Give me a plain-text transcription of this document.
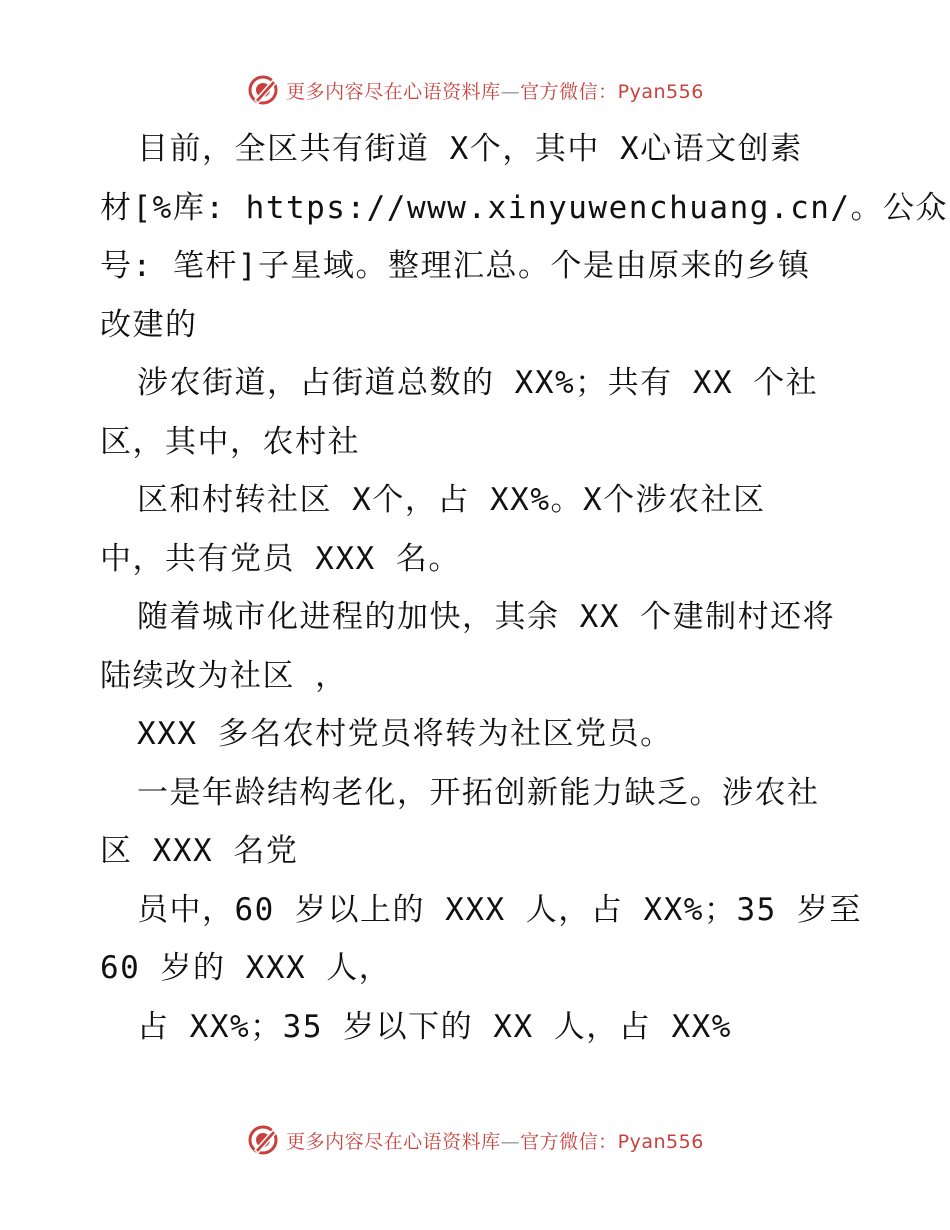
更多内容尽在心语资料库—官方微信：Pyan556
目前，全区共有街道 X个，其中 X心语文创素
材[%库: https://www.xinyuwenchuang.cn/。公众
号: 笔杆]子星域。整理汇总。个是由原来的乡镇
改建的
涉农街道，占街道总数的 XX%；共有 XX 个社
区，其中，农村社
区和村转社区 X个，占 XX%。X个涉农社区
中，共有党员 XXX 名。
随着城市化进程的加快，其余 XX 个建制村还将
陆续改为社区 ，
XXX 多名农村党员将转为社区党员。
一是年龄结构老化，开拓创新能力缺乏。涉农社
区 XXX 名党
员中，60 岁以上的 XXX 人，占 XX%；35 岁至
60 岁的 XXX 人，
占 XX%；35 岁以下的 XX 人，占 XX%
更多内容尽在心语资料库—官方微信：Pyan556
